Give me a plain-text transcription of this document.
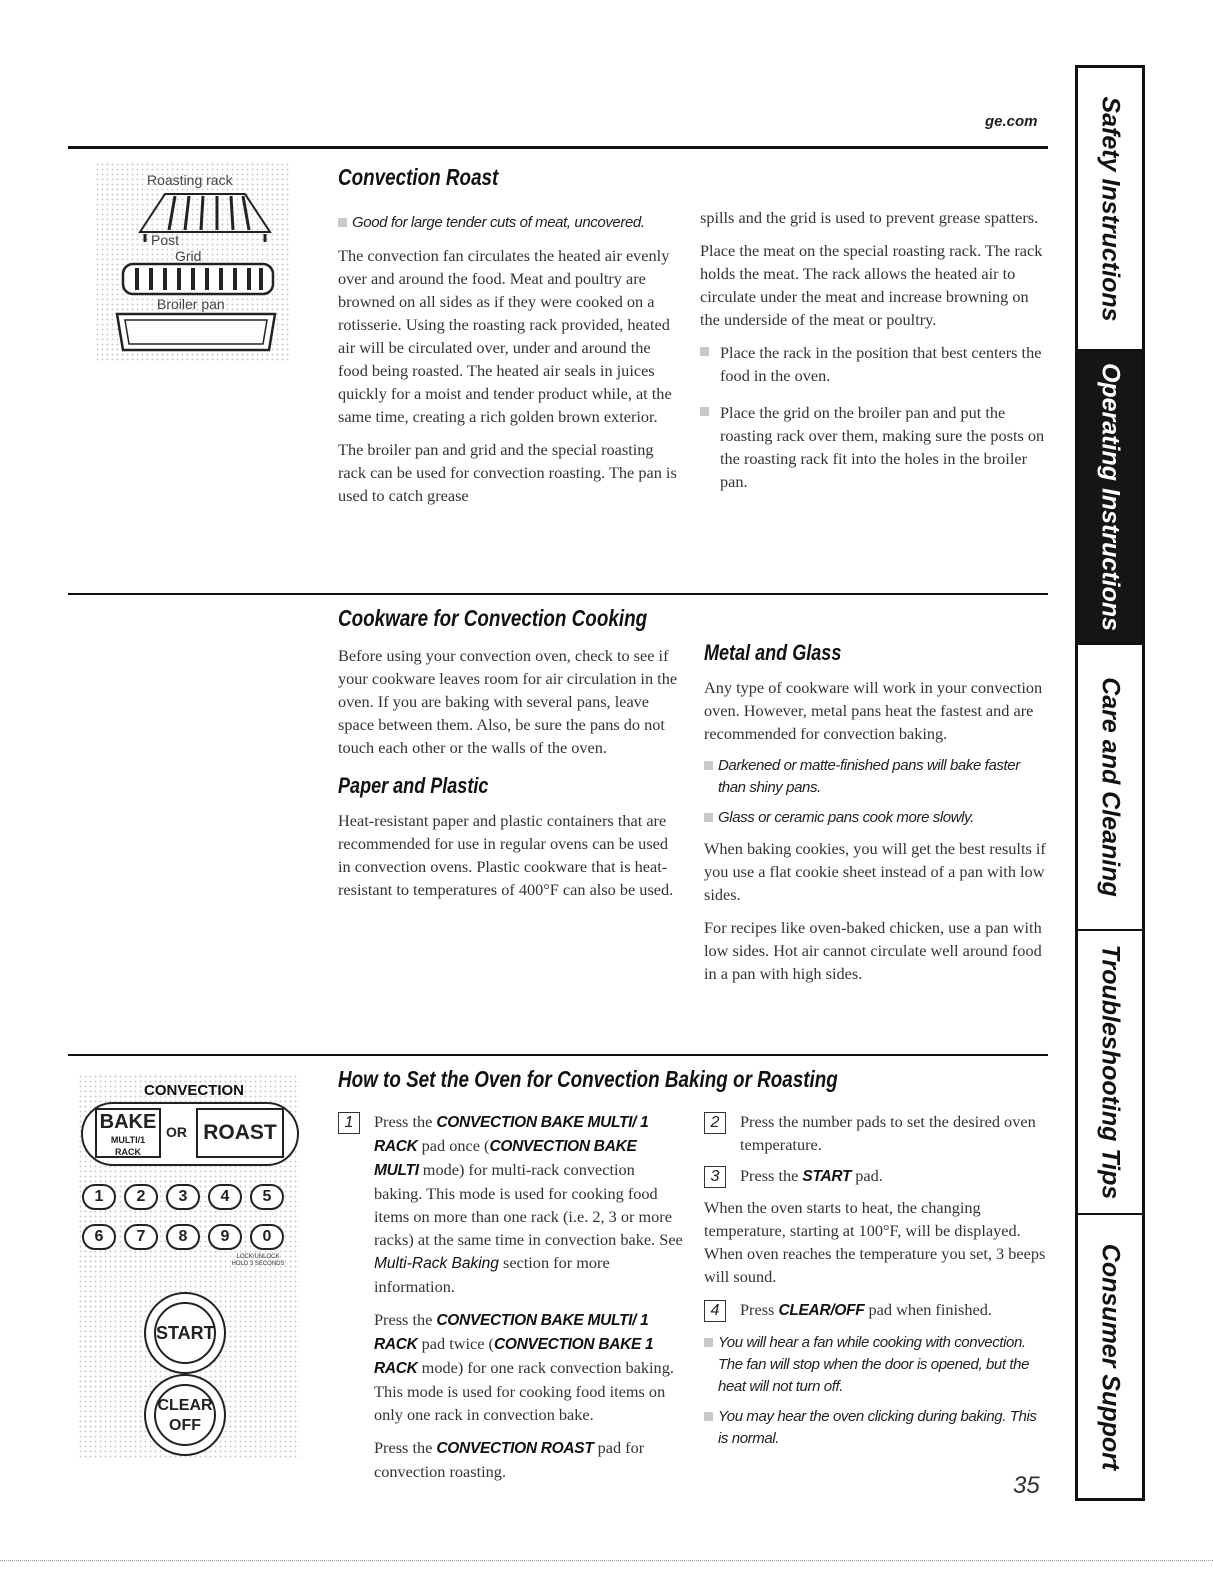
ge.com
Roasting rack
Post
Grid
Broiler pan
Convection Roast
Good for large tender cuts of meat, uncovered.

The convection fan circulates the heated air evenly over and around the food. Meat and poultry are browned on all sides as if they were cooked on a rotisserie. Using the roasting rack provided, heated air will be circulated over, under and around the food being roasted. The heated air seals in juices quickly for a moist and tender product while, at the same time, creating a rich golden brown exterior.

The broiler pan and grid and the special roasting rack can be used for convection roasting. The pan is used to catch grease

spills and the grid is used to prevent grease spatters.

Place the meat on the special roasting rack. The rack holds the meat. The rack allows the heated air to circulate under the meat and increase browning on the underside of the meat or poultry.

Place the rack in the position that best centers the food in the oven.
Place the grid on the broiler pan and put the roasting rack over them, making sure the posts on the roasting rack fit into the holes in the broiler pan.
Cookware for Convection Cooking

Before using your convection oven, check to see if your cookware leaves room for air circulation in the oven. If you are baking with several pans, leave space between them. Also, be sure the pans do not touch each other or the walls of the oven.

Paper and Plastic

Heat-resistant paper and plastic containers that are recommended for use in regular ovens can be used in convection ovens. Plastic cookware that is heat-resistant to temperatures of 400°F can also be used.

Metal and Glass

Any type of cookware will work in your convection oven. However, metal pans heat the fastest and are recommended for convection baking.

Darkened or matte-finished pans will bake faster than shiny pans.
Glass or ceramic pans cook more slowly.

When baking cookies, you will get the best results if you use a flat cookie sheet instead of a pan with low sides.

For recipes like oven-baked chicken, use a pan with low sides. Hot air cannot circulate well around food in a pan with high sides.

CONVECTION
BAKE
MULTI/1 RACK
OR ROAST
1	2	3	4	5
6	7	8	9	0
LOCK/UNLOCK HOLD 3 SECONDS
START
CLEAR
OFF
How to Set the Oven for Convection Baking or Roasting
1	Press the CONVECTION BAKE MULTI/ 1 RACK pad once (CONVECTION BAKE MULTI mode) for multi-rack convection baking. This mode is used for cooking food items on more than one rack (i.e. 2, 3 or more racks) at the same time in convection bake. See Multi-Rack Baking section for more information.

Press the CONVECTION BAKE MULTI/ 1 RACK pad twice (CONVECTION BAKE 1 RACK mode) for one rack convection baking. This mode is used for cooking food items on only one rack in convection bake.

Press the CONVECTION ROAST pad for convection roasting.

2	Press the number pads to set the desired oven temperature.

3	Press the START pad.

When the oven starts to heat, the changing temperature, starting at 100°F, will be displayed. When oven reaches the temperature you set, 3 beeps will sound.

4	Press CLEAR/OFF pad when finished.

You will hear a fan while cooking with convection. The fan will stop when the door is opened, but the heat will not turn off.
You may hear the oven clicking during baking. This is normal.
35
Safety Instructions
Operating Instructions
Care and Cleaning
Troubleshooting Tips
Consumer Support
